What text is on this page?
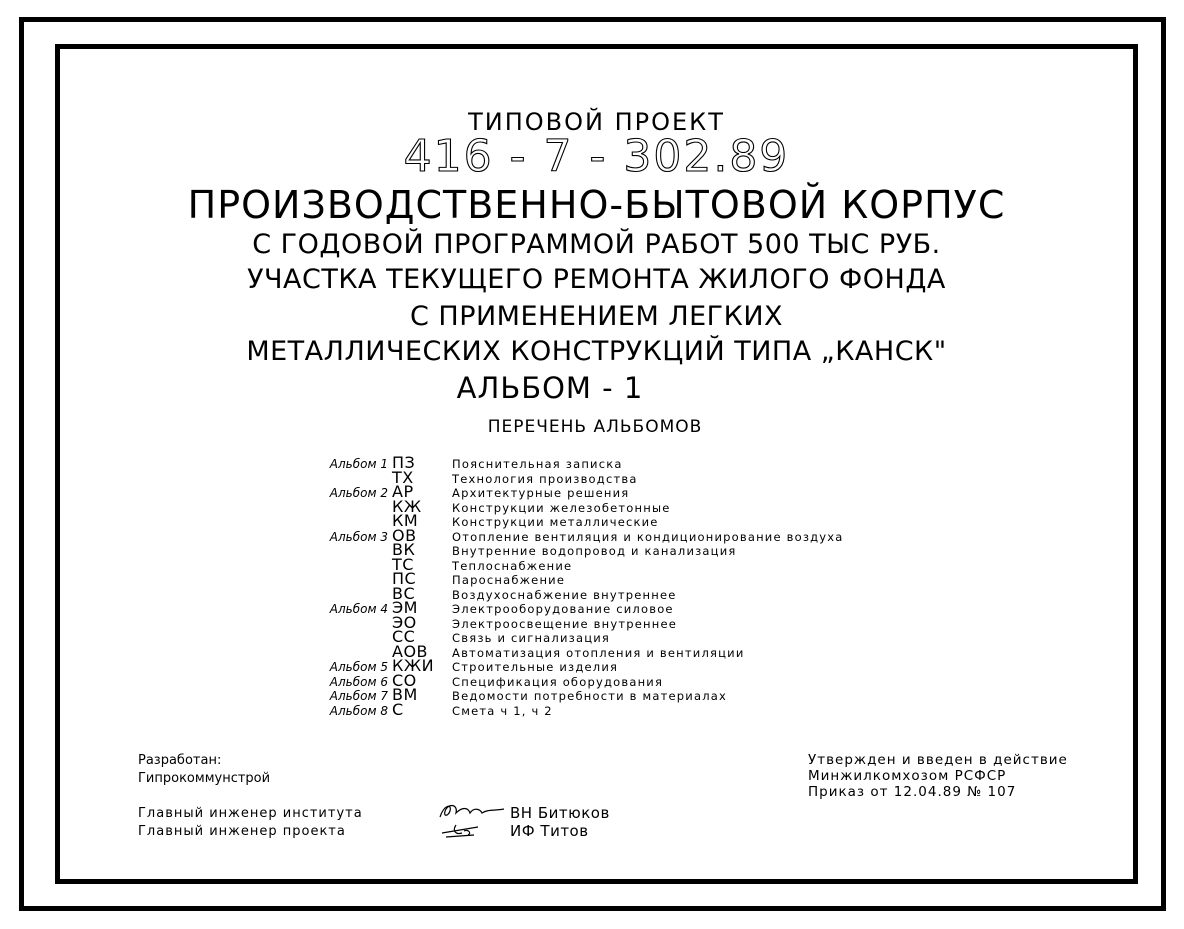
ТИПОВОЙ ПРОЕКТ
416 - 7 - 302.89
ПРОИЗВОДСТВЕННО-БЫТОВОЙ КОРПУС
С ГОДОВОЙ ПРОГРАММОЙ РАБОТ 500 ТЫС РУБ.
УЧАСТКА ТЕКУЩЕГО РЕМОНТА ЖИЛОГО ФОНДА
С ПРИМЕНЕНИЕМ ЛЕГКИХ
МЕТАЛЛИЧЕСКИХ КОНСТРУКЦИЙ ТИПА „КАНСК"
АЛЬБОМ - 1
ПЕРЕЧЕНЬ АЛЬБОМОВ
Альбом 1 ПЗ	Пояснительная записка
ТХ	Технология производства
Альбом 2 АР	Архитектурные решения
КЖ	Конструкции железобетонные
КМ	Конструкции металлические
Альбом 3 ОВ	Отопление вентиляция и кондиционирование воздуха
ВК	Внутренние водопровод и канализация
ТС	Теплоснабжение
ПС	Пароснабжение
ВС	Воздухоснабжение внутреннее
Альбом 4 ЭМ	Электрооборудование силовое
ЭО	Электроосвещение внутреннее
СС	Связь и сигнализация
АОВ	Автоматизация отопления и вентиляции
Альбом 5 КЖИ	Строительные изделия
Альбом 6 СО	Спецификация оборудования
Альбом 7 ВМ	Ведомости потребности в материалах
Альбом 8 С	Смета ч 1, ч 2
Разработан:
Гипрокоммунстрой
Главный инженер института	ВН Битюков
Главный инженер проекта	ИФ Титов
Утвержден и введен в действие
Минжилкомхозом РСФСР
Приказ от 12.04.89 № 107
